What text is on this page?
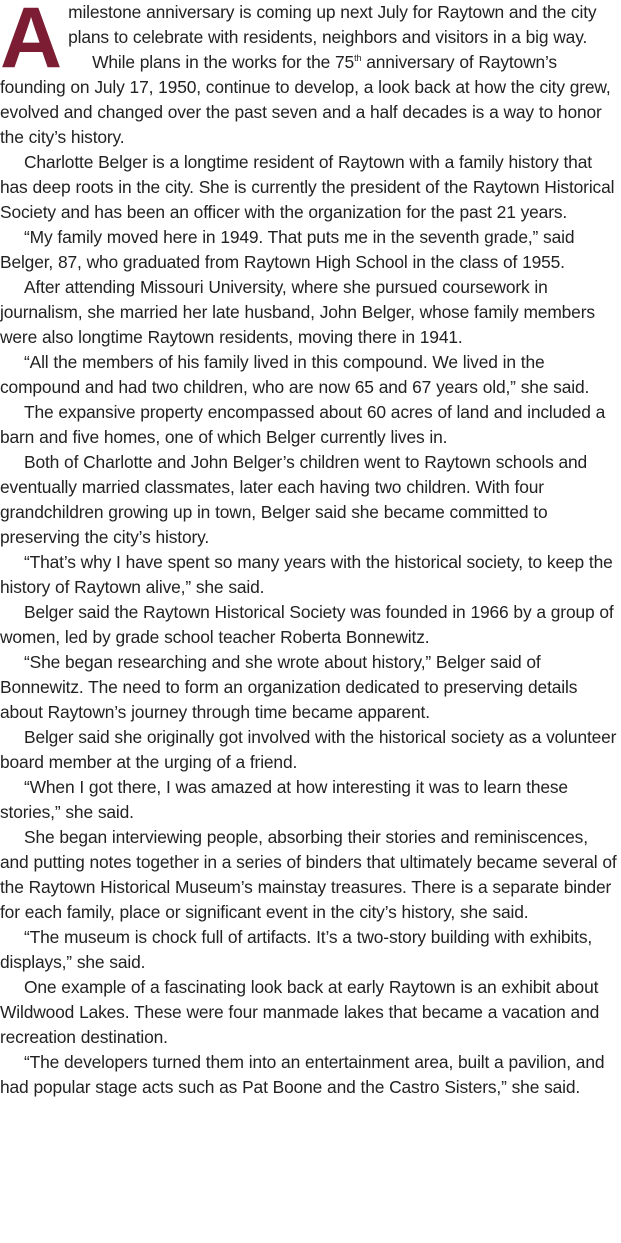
Amilestone anniversary is coming up next July for Raytown and the city plans to celebrate with residents, neighbors and visitors in a big way.

While plans in the works for the 75th anniversary of Raytown’s founding on July 17, 1950, continue to develop, a look back at how the city grew, evolved and changed over the past seven and a half decades is a way to honor the city’s history.

Charlotte Belger is a longtime resident of Raytown with a family history that has deep roots in the city. She is currently the president of the Raytown Historical Society and has been an officer with the organization for the past 21 years.

“My family moved here in 1949. That puts me in the seventh grade,” said Belger, 87, who graduated from Raytown High School in the class of 1955.

After attending Missouri University, where she pursued coursework in journalism, she married her late husband, John Belger, whose family members were also longtime Raytown residents, moving there in 1941.

“All the members of his family lived in this compound. We lived in the compound and had two children, who are now 65 and 67 years old,” she said.

The expansive property encompassed about 60 acres of land and included a barn and five homes, one of which Belger currently lives in.

Both of Charlotte and John Belger’s children went to Raytown schools and eventually married classmates, later each having two children. With four grandchildren growing up in town, Belger said she became committed to preserving the city’s history.

“That’s why I have spent so many years with the historical society, to keep the history of Raytown alive,” she said.

Belger said the Raytown Historical Society was founded in 1966 by a group of women, led by grade school teacher Roberta Bonnewitz.

“She began researching and she wrote about history,” Belger said of Bonnewitz. The need to form an organization dedicated to preserving details about Raytown’s journey through time became apparent.

Belger said she originally got involved with the historical society as a volunteer board member at the urging of a friend.

“When I got there, I was amazed at how interesting it was to learn these stories,” she said.

She began interviewing people, absorbing their stories and reminiscences, and putting notes together in a series of binders that ultimately became several of the Raytown Historical Museum’s mainstay treasures. There is a separate binder for each family, place or significant event in the city’s history, she said.

“The museum is chock full of artifacts. It’s a two-story building with exhibits, displays,” she said.

One example of a fascinating look back at early Raytown is an exhibit about Wildwood Lakes. These were four manmade lakes that became a vacation and recreation destination.

“The developers turned them into an entertainment area, built a pavilion, and had popular stage acts such as Pat Boone and the Castro Sisters,” she said.
